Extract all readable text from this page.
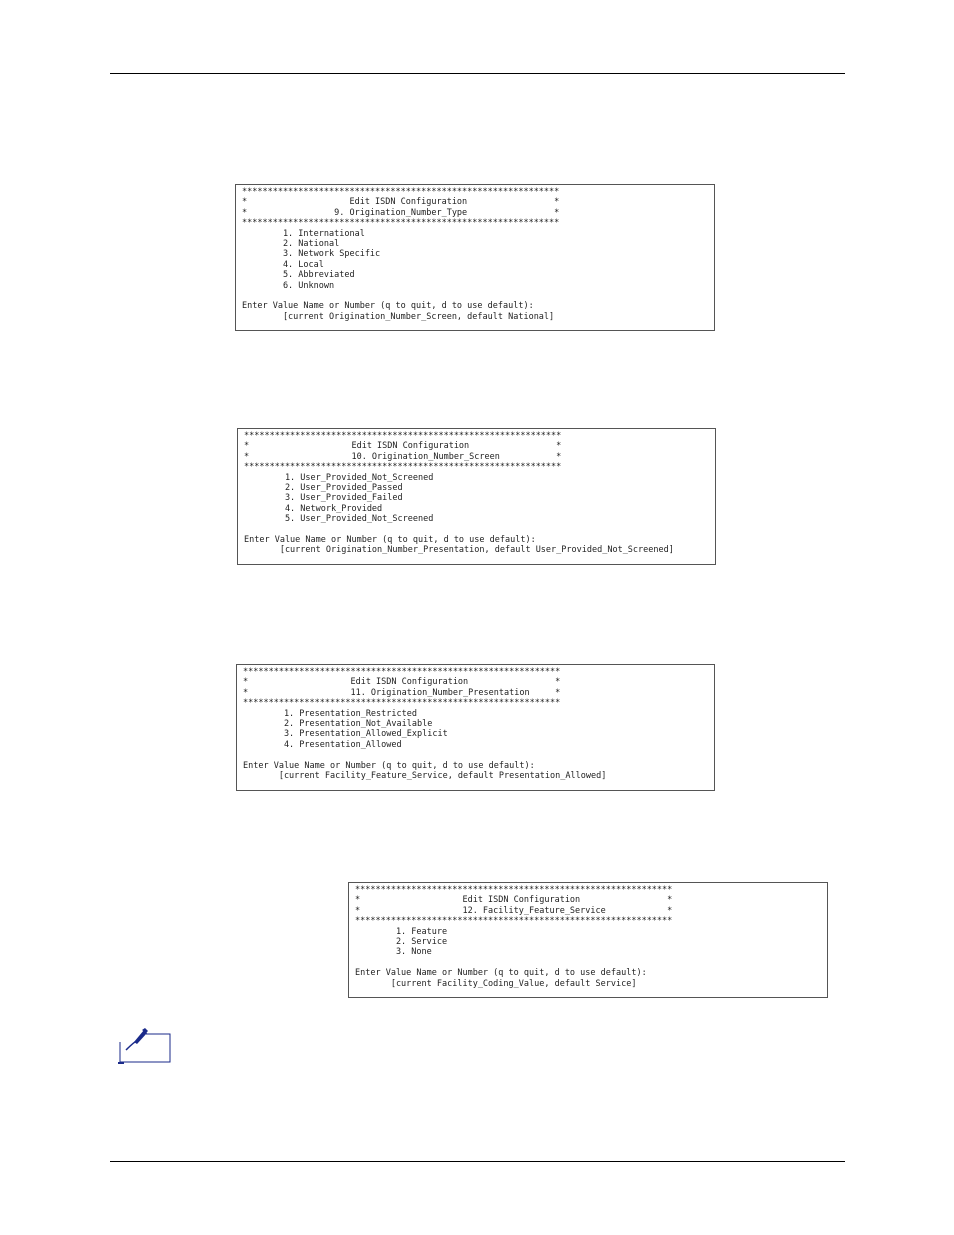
**************************************************************
*                    Edit ISDN Configuration                 *
*                 9. Origination_Number_Type                 *
**************************************************************
1. International
2. National
3. Network Specific
4. Local
5. Abbreviated
6. Unknown

Enter Value Name or Number (q to quit, d to use default):
[current Origination_Number_Screen, default National]
**************************************************************
*                    Edit ISDN Configuration                 *
*                    10. Origination_Number_Screen           *
**************************************************************
1. User_Provided_Not_Screened
2. User_Provided_Passed
3. User_Provided_Failed
4. Network_Provided
5. User_Provided_Not_Screened

Enter Value Name or Number (q to quit, d to use default):
[current Origination_Number_Presentation, default User_Provided_Not_Screened]
**************************************************************
*                    Edit ISDN Configuration                 *
*                    11. Origination_Number_Presentation     *
**************************************************************
1. Presentation_Restricted
2. Presentation_Not_Available
3. Presentation_Allowed_Explicit
4. Presentation_Allowed

Enter Value Name or Number (q to quit, d to use default):
[current Facility_Feature_Service, default Presentation_Allowed]
**************************************************************
*                    Edit ISDN Configuration                 *
*                    12. Facility_Feature_Service            *
**************************************************************
1. Feature
2. Service
3. None

Enter Value Name or Number (q to quit, d to use default):
[current Facility_Coding_Value, default Service]
